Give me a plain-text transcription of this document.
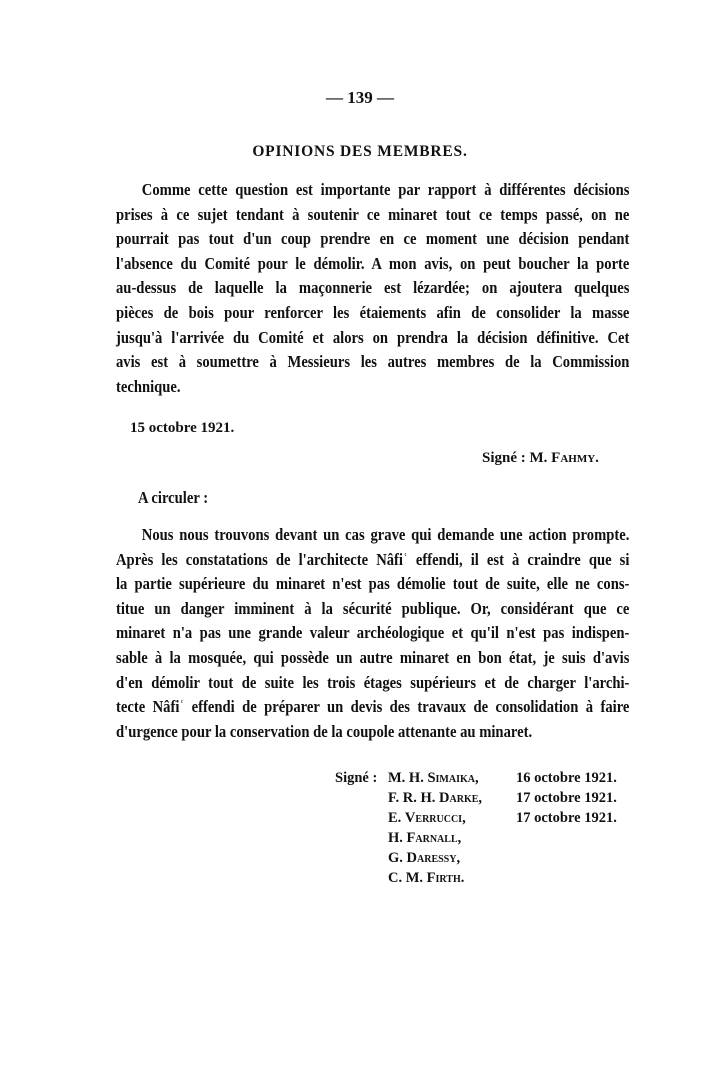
— 139 —
OPINIONS DES MEMBRES.
Comme cette question est importante par rapport à différentes décisions
prises à ce sujet tendant à soutenir ce minaret tout ce temps passé, on ne
pourrait pas tout d'un coup prendre en ce moment une décision pendant
l'absence du Comité pour le démolir. A mon avis, on peut boucher la porte
au-dessus de laquelle la maçonnerie est lézardée; on ajoutera quelques
pièces de bois pour renforcer les étaiements afin de consolider la masse
jusqu'à l'arrivée du Comité et alors on prendra la décision définitive. Cet
avis est à soumettre à Messieurs les autres membres de la Commission
technique.
15 octobre 1921.
Signé : M. Fahmy.
A circuler :
Nous nous trouvons devant un cas grave qui demande une action prompte.
Après les constatations de l'architecte Nâfiʿ effendi, il est à craindre que si
la partie supérieure du minaret n'est pas démolie tout de suite, elle ne cons-
titue un danger imminent à la sécurité publique. Or, considérant que ce
minaret n'a pas une grande valeur archéologique et qu'il n'est pas indispen-
sable à la mosquée, qui possède un autre minaret en bon état, je suis d'avis
d'en démolir tout de suite les trois étages supérieurs et de charger l'archi-
tecte Nâfiʿ effendi de préparer un devis des travaux de consolidation à faire
d'urgence pour la conservation de la coupole attenante au minaret.
Signé : M. H. Simaika,	16 octobre 1921.
F. R. H. Darke,	17 octobre 1921.
E. Verrucci,	17 octobre 1921.
H. Farnall,
G. Daressy,
C. M. Firth.
